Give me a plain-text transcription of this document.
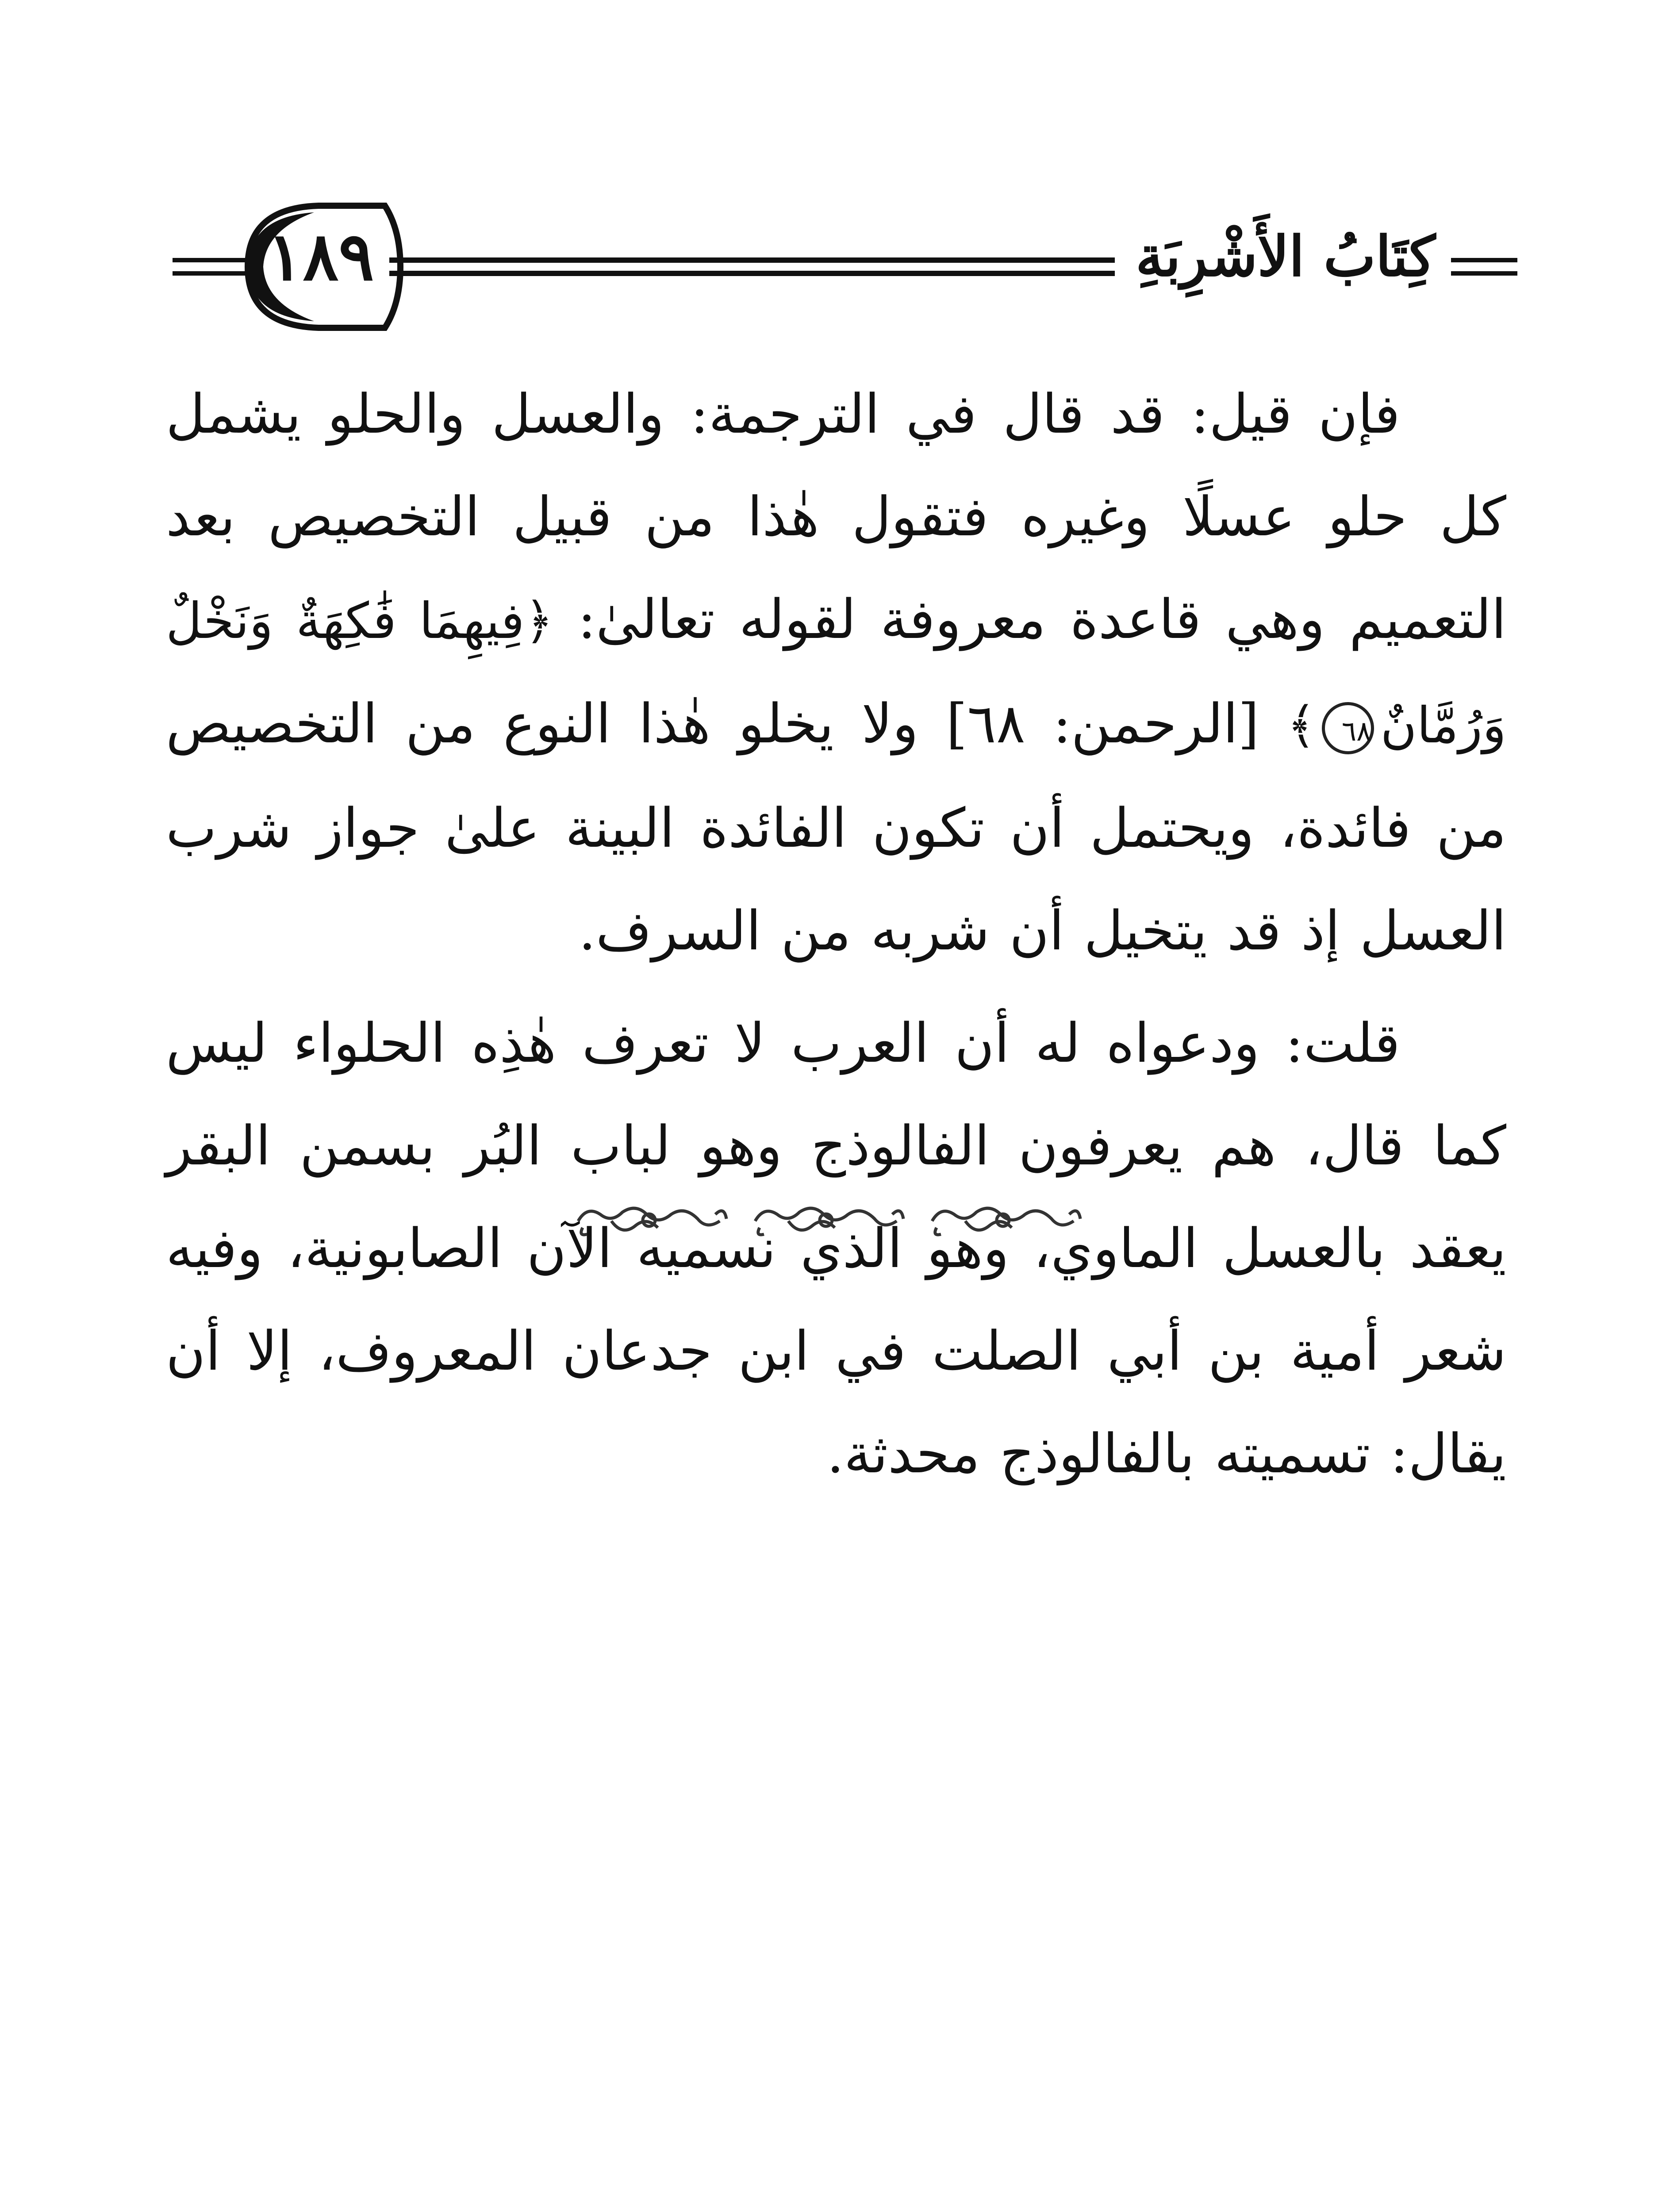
كِتَابُ الأَشْرِبَةِ
١٨٩

فإن قيل: قد قال في الترجمة: والعسل والحلو يشمل كل حلو عسلًا وغيره فتقول هٰذا من قبيل التخصيص بعد التعميم وهي قاعدة معروفة لقوله تعالىٰ: ﴿فِيهِمَا فَٰكِهَةٌ وَنَخْلٌ وَرُمَّانٌ٦٨﴾ [الرحمن: ٦٨] ولا يخلو هٰذا النوع من التخصيص من فائدة، ويحتمل أن تكون الفائدة البينة علىٰ جواز شرب العسل إذ قد يتخيل أن شربه من السرف.

قلت: ودعواه له أن العرب لا تعرف هٰذِه الحلواء ليس كما قال، هم يعرفون الفالوذج وهو لباب البُر بسمن البقر يعقد بالعسل الماوي، وهو الذي نسميه الآن الصابونية، وفيه شعر أمية بن أبي الصلت في ابن جدعان المعروف، إلا أن يقال: تسميته بالفالوذج محدثة.
